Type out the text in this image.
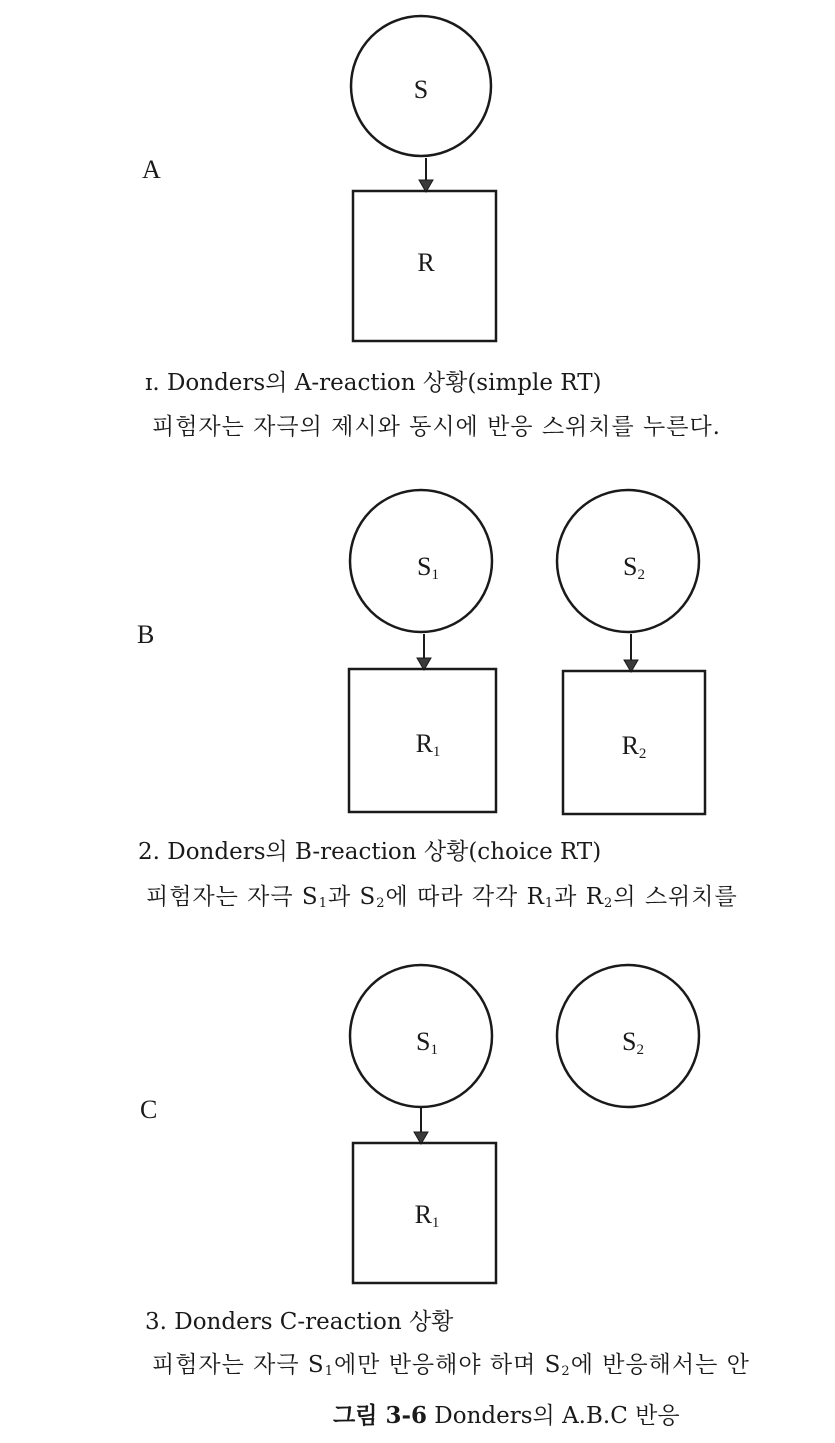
A
S
R
B
S1	S2
R1	R2
C
S1	S2
R1
ɪ. Donders의 A-reaction 상황(simple RT)
피험자는 자극의 제시와 동시에 반응 스위치를 누른다.
2. Donders의 B-reaction 상황(choice RT)
피험자는 자극 $S_1$과 $S_2$에 따라 각각 $R_1$과 $R_2$의 스위치를
3. Donders C-reaction 상황
피험자는 자극 $S_1$에만 반응해야 하며 $S_2$에 반응해서는 안
그림 3-6 Donders의 A.B.C 반응
